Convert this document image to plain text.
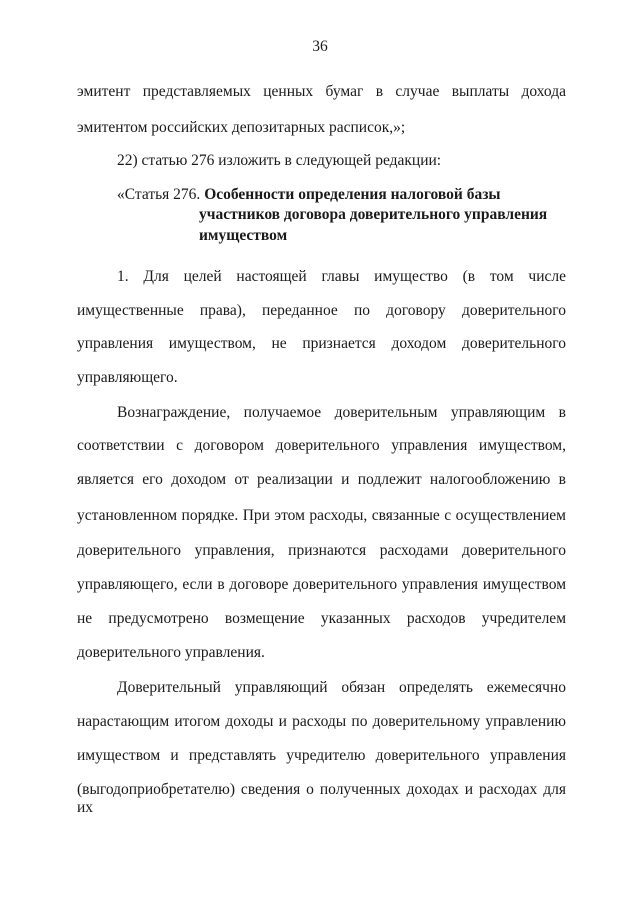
36
эмитент представляемых ценных бумаг в случае выплаты дохода
эмитентом российских депозитарных расписок,»;
22) статью 276 изложить в следующей редакции:
«Статья 276. Особенности определения налоговой базы
участников договора доверительного управления
имуществом
1. Для целей настоящей главы имущество (в том числе
имущественные права), переданное по договору доверительного
управления имуществом, не признается доходом доверительного
управляющего.
Вознаграждение, получаемое доверительным управляющим в
соответствии с договором доверительного управления имуществом,
является его доходом от реализации и подлежит налогообложению в
установленном порядке. При этом расходы, связанные с осуществлением
доверительного управления, признаются расходами доверительного
управляющего, если в договоре доверительного управления имуществом
не предусмотрено возмещение указанных расходов учредителем
доверительного управления.
Доверительный управляющий обязан определять ежемесячно
нарастающим итогом доходы и расходы по доверительному управлению
имуществом и представлять учредителю доверительного управления
(выгодоприобретателю) сведения о полученных доходах и расходах для их
